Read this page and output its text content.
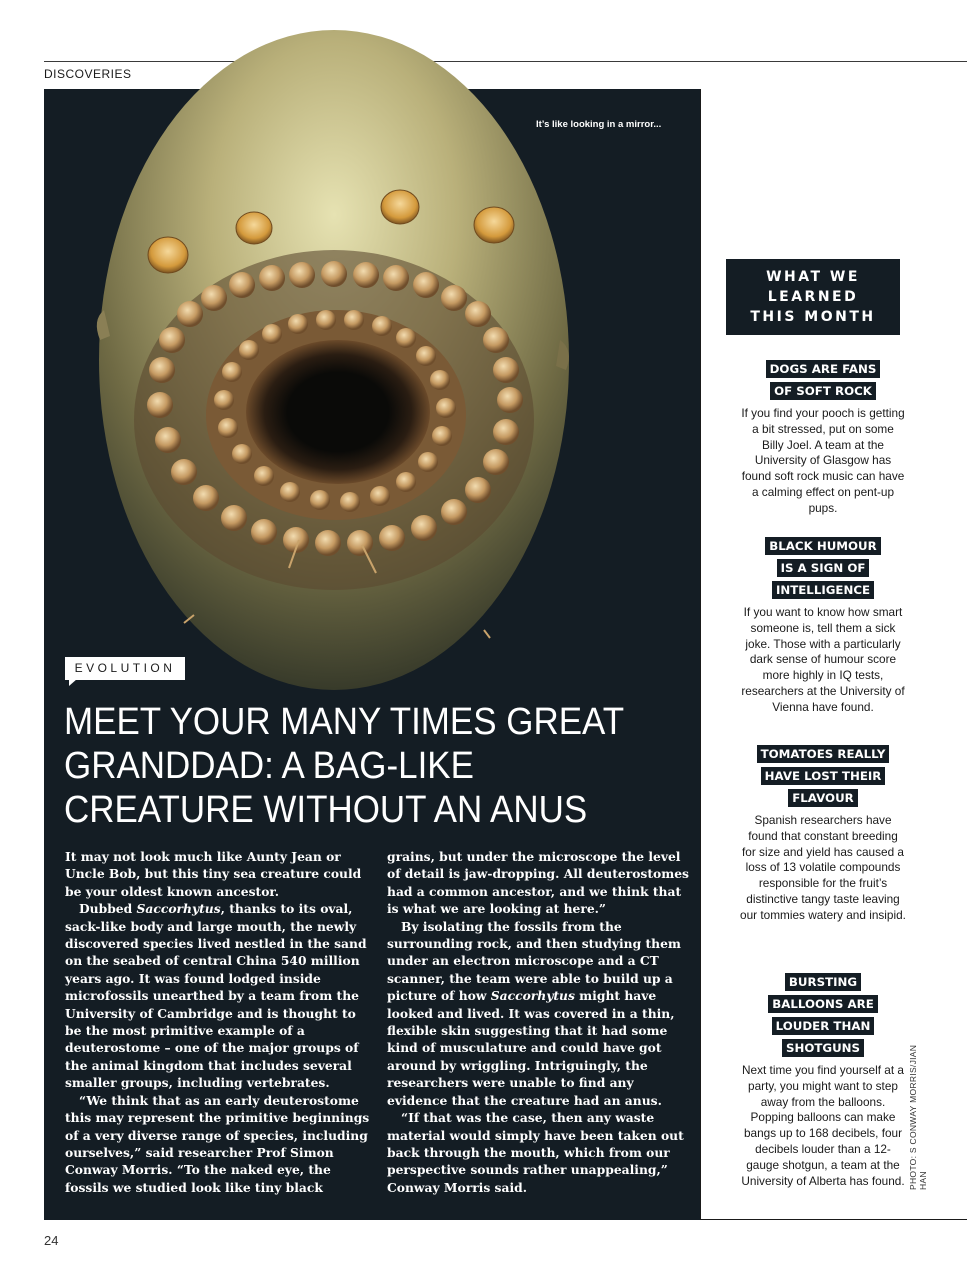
DISCOVERIES
It’s like looking in a mirror...
EVOLUTION
MEET YOUR MANY TIMES GREAT GRANDDAD: A BAG-LIKE CREATURE WITHOUT AN ANUS

It may not look much like Aunty Jean or Uncle Bob, but this tiny sea creature could be your oldest known ancestor.

Dubbed Saccorhytus, thanks to its oval, sack-like body and large mouth, the newly discovered species lived nestled in the sand on the seabed of central China 540 million years ago. It was found lodged inside microfossils unearthed by a team from the University of Cambridge and is thought to be the most primitive example of a deuterostome – one of the major groups of the animal kingdom that includes several smaller groups, including vertebrates.

“We think that as an early deuterostome this may represent the primitive beginnings of a very diverse range of species, including ourselves,” said researcher Prof Simon Conway Morris. “To the naked eye, the fossils we studied look like tiny black

grains, but under the microscope the level of detail is jaw-dropping. All deuterostomes had a common ancestor, and we think that is what we are looking at here.”

By isolating the fossils from the surrounding rock, and then studying them under an electron microscope and a CT scanner, the team were able to build up a picture of how Saccorhytus might have looked and lived. It was covered in a thin, flexible skin suggesting that it had some kind of musculature and could have got around by wriggling. Intriguingly, the researchers were unable to find any evidence that the creature had an anus.

“If that was the case, then any waste material would simply have been taken out back through the mouth, which from our perspective sounds rather unappealing,” Conway Morris said.

WHAT WE
LEARNED
THIS MONTH
DOGS ARE FANS
OF SOFT ROCK
If you find your pooch is getting a bit stressed, put on some Billy Joel. A team at the University of Glasgow has found soft rock music can have a calming effect on pent-up pups.
BLACK HUMOUR
IS A SIGN OF
INTELLIGENCE
If you want to know how smart someone is, tell them a sick joke. Those with a particularly dark sense of humour score more highly in IQ tests, researchers at the University of Vienna have found.
TOMATOES REALLY
HAVE LOST THEIR
FLAVOUR
Spanish researchers have found that constant breeding for size and yield has caused a loss of 13 volatile compounds responsible for the fruit’s distinctive tangy taste leaving our tommies watery and insipid.
BURSTING
BALLOONS ARE
LOUDER THAN
SHOTGUNS
Next time you find yourself at a party, you might want to step away from the balloons. Popping balloons can make bangs up to 168 decibels, four decibels louder than a 12-gauge shotgun, a team at the University of Alberta has found. PHOTO: S CONWAY MORRIS/JIAN HAN
24
